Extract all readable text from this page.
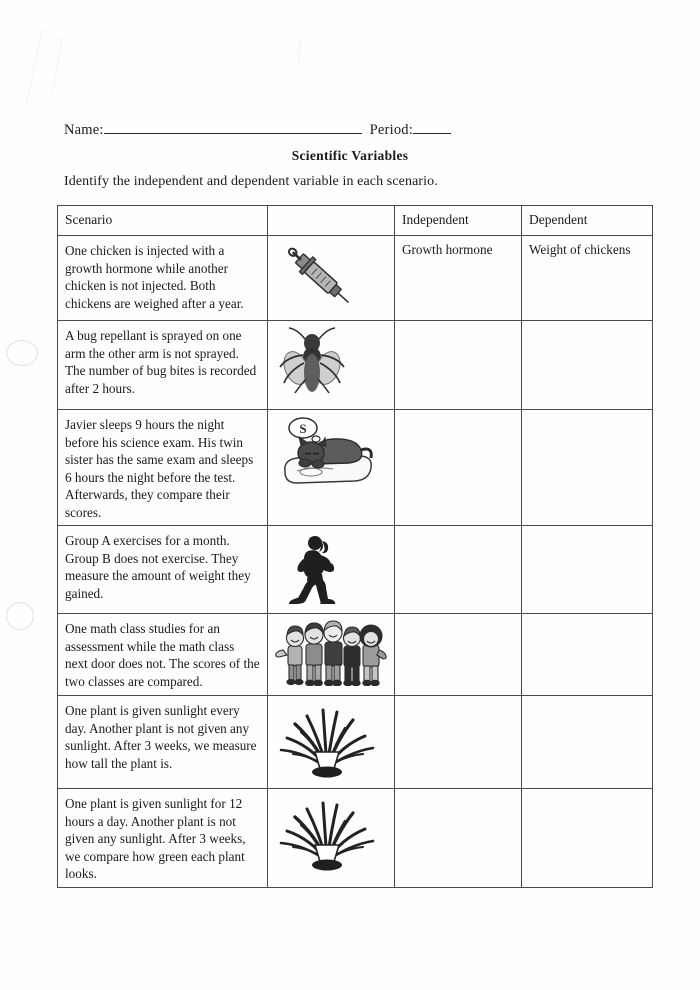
Name:	Period:
Scientific Variables
Identify the independent and dependent variable in each scenario.
Scenario		Independent	Dependent
One chicken is injected with a growth hormone while another chicken is not injected. Both chickens are weighed after a year.		Growth hormone	Weight of chickens
A bug repellant is sprayed on one arm the other arm is not sprayed. The number of bug bites is recorded after 2 hours.	

Javier sleeps 9 hours the night before his science exam. His twin sister has the same exam and sleeps 6 hours the night before the test. Afterwards, they compare their scores.	S		

Group A exercises for a month. Group B does not exercise. They measure the amount of weight they gained.	

One math class studies for an assessment while the math class next door does not. The scores of the two classes are compared.	

One plant is given sunlight every day. Another plant is not given any sunlight. After 3 weeks, we measure how tall the plant is.	

One plant is given sunlight for 12 hours a day. Another plant is not given any sunlight. After 3 weeks, we compare how green each plant looks.	
